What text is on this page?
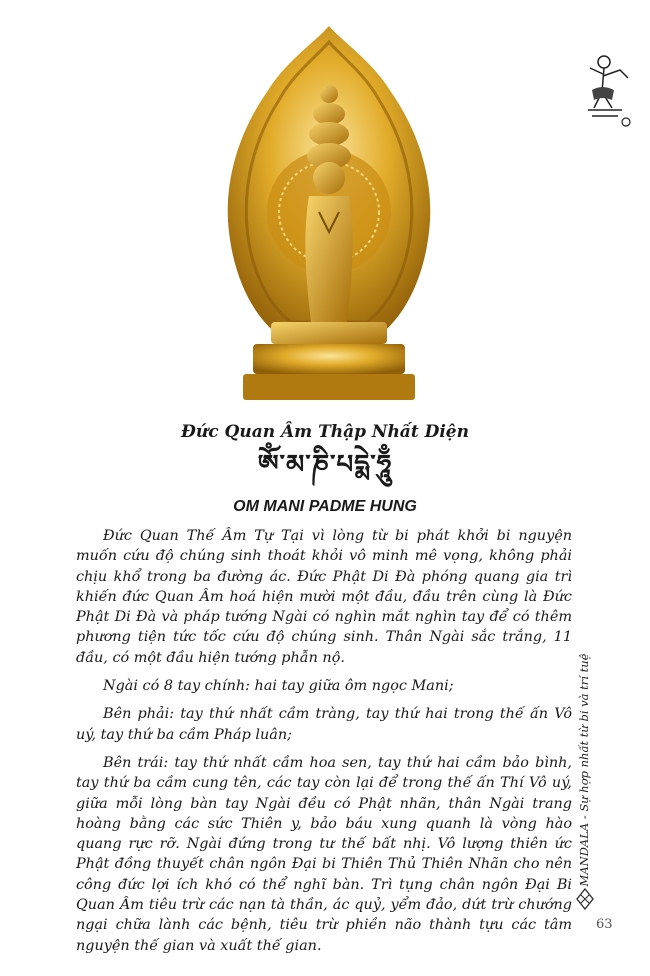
Đức Quan Âm Thập Nhất Diện
ཨོཾ་མ་ཎི་པདྨེ་ཧཱུྃ
OM MANI PADME HUNG

Đức Quan Thế Âm Tự Tại vì lòng từ bi phát khởi bi nguyện muốn cứu độ chúng sinh thoát khỏi vô minh mê vọng, không phải chịu khổ trong ba đường ác. Đức Phật Di Đà phóng quang gia trì khiến đức Quan Âm hoá hiện mười một đầu, đầu trên cùng là Đức Phật Di Đà và pháp tướng Ngài có nghìn mắt nghìn tay để có thêm phương tiện tức tốc cứu độ chúng sinh. Thân Ngài sắc trắng, 11 đầu, có một đầu hiện tướng phẫn nộ.

Ngài có 8 tay chính: hai tay giữa ôm ngọc Mani;

Bên phải: tay thứ nhất cầm tràng, tay thứ hai trong thế ấn Vô uý, tay thứ ba cầm Pháp luân;

Bên trái: tay thứ nhất cầm hoa sen, tay thứ hai cầm bảo bình, tay thứ ba cầm cung tên, các tay còn lại để trong thế ấn Thí Vô uý, giữa mỗi lòng bàn tay Ngài đều có Phật nhãn, thân Ngài trang hoàng bằng các sức Thiên y, bảo báu xung quanh là vòng hào quang rực rỡ. Ngài đứng trong tư thế bất nhị. Vô lượng thiên ức Phật đồng thuyết chân ngôn Đại bi Thiên Thủ Thiên Nhãn cho nên công đức lợi ích khó có thể nghĩ bàn. Trì tụng chân ngôn Đại Bi Quan Âm tiêu trừ các nạn tà thần, ác quỷ, yểm đảo, dứt trừ chướng ngại chữa lành các bệnh, tiêu trừ phiền não thành tựu các tâm nguyện thế gian và xuất thế gian.

MANDALA - Sự hợp nhất từ bi và trí tuệ
63
